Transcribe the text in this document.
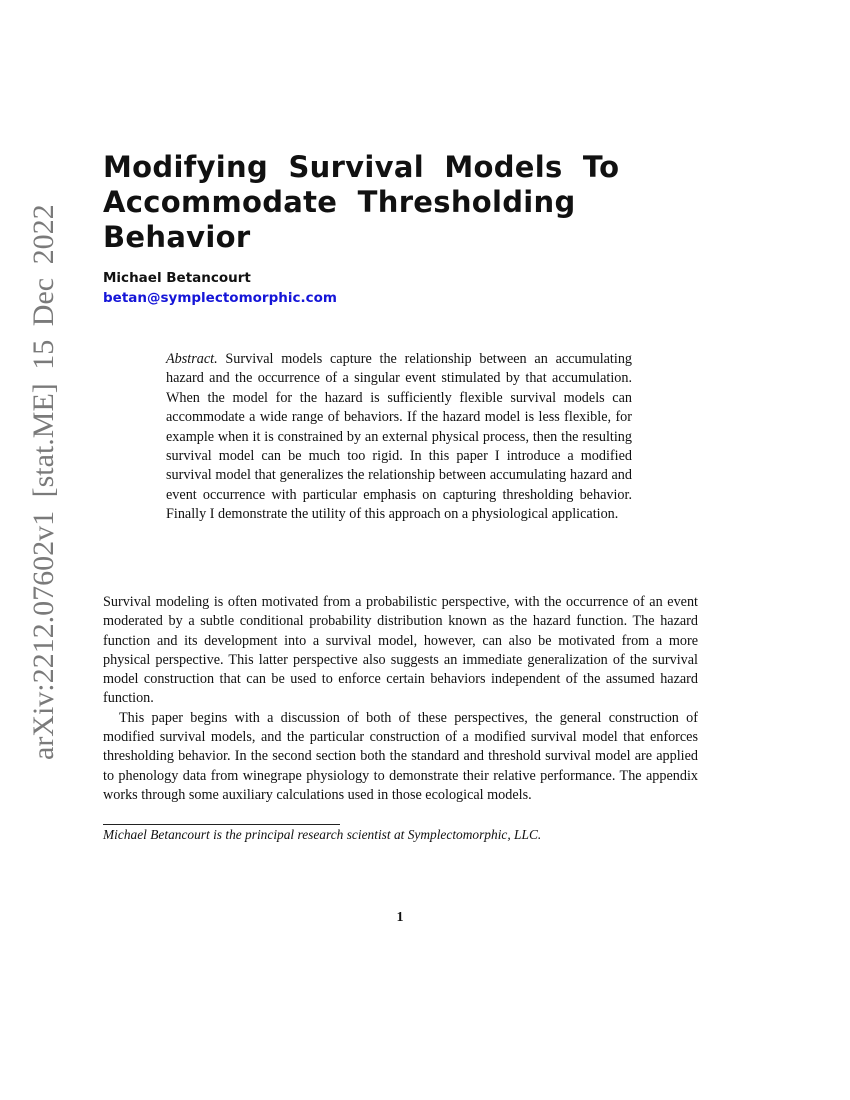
arXiv:2212.07602v1 [stat.ME] 15 Dec 2022
Modifying Survival Models To Accommodate Thresholding Behavior
Michael Betancourt
betan@symplectomorphic.com

Abstract. Survival models capture the relationship between an accumulating hazard and the occurrence of a singular event stimulated by that accumulation. When the model for the hazard is sufficiently flexible survival models can accommodate a wide range of behaviors. If the hazard model is less flexible, for example when it is constrained by an external physical process, then the resulting survival model can be much too rigid. In this paper I introduce a modified survival model that generalizes the relationship between accumulating hazard and event occurrence with particular emphasis on capturing thresholding behavior. Finally I demonstrate the utility of this approach on a physiological application.

Survival modeling is often motivated from a probabilistic perspective, with the occurrence of an event moderated by a subtle conditional probability distribution known as the hazard function. The hazard function and its development into a survival model, however, can also be motivated from a more physical perspective. This latter perspective also suggests an immediate generalization of the survival model construction that can be used to enforce certain behaviors independent of the assumed hazard function.

This paper begins with a discussion of both of these perspectives, the general construction of modified survival models, and the particular construction of a modified survival model that enforces thresholding behavior. In the second section both the standard and threshold survival model are applied to phenology data from winegrape physiology to demonstrate their relative performance. The appendix works through some auxiliary calculations used in those ecological models.

Michael Betancourt is the principal research scientist at Symplectomorphic, LLC.
1
